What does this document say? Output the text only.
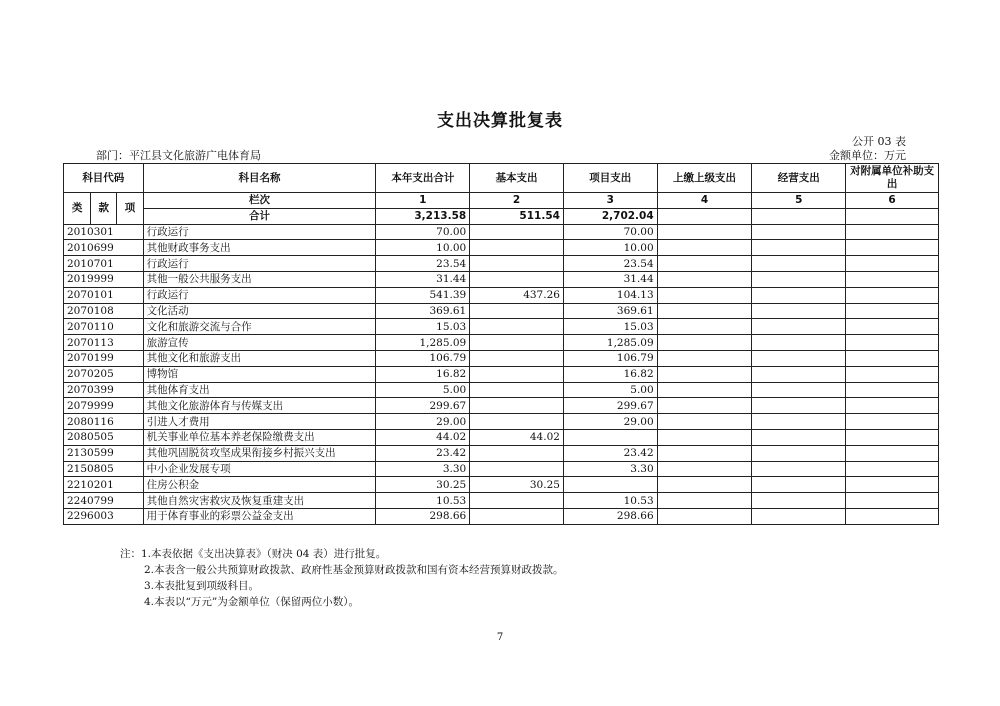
支出决算批复表
公开 03 表
部门：平江县文化旅游广电体育局	金额单位：万元
科目代码			科目名称	本年支出合计	基本支出	项目支出	上缴上级支出	经营支出	对附属单位补助支出
类	款	项	栏次	1	2	3	4	5	6
			合计	3,213.58	511.54	2,702.04			
2010301			行政运行	70.00		70.00			
2010699			其他财政事务支出	10.00		10.00			
2010701			行政运行	23.54		23.54			
2019999			其他一般公共服务支出	31.44		31.44			
2070101			行政运行	541.39	437.26	104.13			
2070108			文化活动	369.61		369.61			
2070110			文化和旅游交流与合作	15.03		15.03			
2070113			旅游宣传	1,285.09		1,285.09			
2070199			其他文化和旅游支出	106.79		106.79			
2070205			博物馆	16.82		16.82			
2070399			其他体育支出	5.00		5.00			
2079999			其他文化旅游体育与传媒支出	299.67		299.67			
2080116			引进人才费用	29.00		29.00			
2080505			机关事业单位基本养老保险缴费支出	44.02	44.02				
2130599			其他巩固脱贫攻坚成果衔接乡村振兴支出	23.42		23.42			
2150805			中小企业发展专项	3.30		3.30			
2210201			住房公积金	30.25	30.25				
2240799			其他自然灾害救灾及恢复重建支出	10.53		10.53			
2296003			用于体育事业的彩票公益金支出	298.66		298.66			
注：1.本表依据《支出决算表》（财决 04 表）进行批复。
2.本表含一般公共预算财政拨款、政府性基金预算财政拨款和国有资本经营预算财政拨款。
3.本表批复到项级科目。
4.本表以“万元”为金额单位（保留两位小数）。
7
